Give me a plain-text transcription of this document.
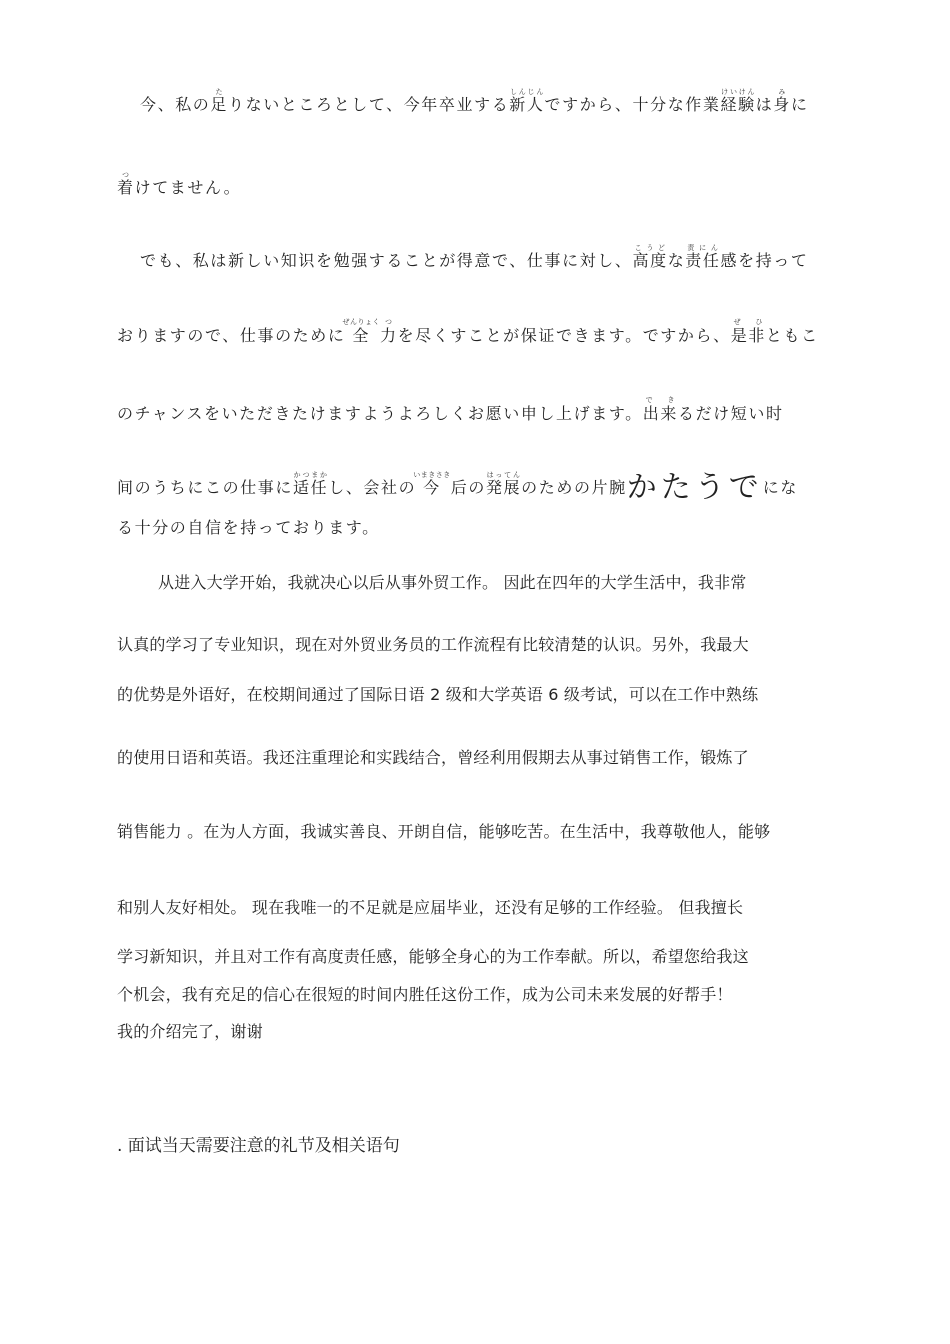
今、私の足たりないところとして、今年卒业する新人しんじんですから、十分な作業経験けいけんは身みに
着つけてません。
でも、私は新しい知识を勉强することが得意で、仕事に対し、高度こうどな责任责にん感を持って
おりますので、仕事のために全ぜんりょく力つを尽くすことが保证できます。ですから、是非ぜ ひともこ
のチャンスをいただきたけますようよろしくお愿い申し上げます。出来で きるだけ短い时
间のうちにこの仕事に适任かつまかし、会社の今いまきさき后の発展はってんのための片腕かたうでにな
る十分の自信を持っております。
从进入大学开始，我就决心以后从事外贸工作。 因此在四年的大学生活中，我非常
认真的学习了专业知识，现在对外贸业务员的工作流程有比较清楚的认识。另外，我最大
的优势是外语好，在校期间通过了国际日语 2 级和大学英语 6 级考试，可以在工作中熟练
的使用日语和英语。我还注重理论和实践结合，曾经利用假期去从事过销售工作，锻炼了
销售能力 。在为人方面，我诚实善良、开朗自信，能够吃苦。在生活中，我尊敬他人，能够
和别人友好相处。 现在我唯一的不足就是应届毕业，还没有足够的工作经验。 但我擅长
学习新知识，并且对工作有高度责任感，能够全身心的为工作奉献。所以，希望您给我这
个机会，我有充足的信心在很短的时间内胜任这份工作，成为公司未来发展的好帮手！
我的介绍完了，谢谢
. 面试当天需要注意的礼节及相关语句
